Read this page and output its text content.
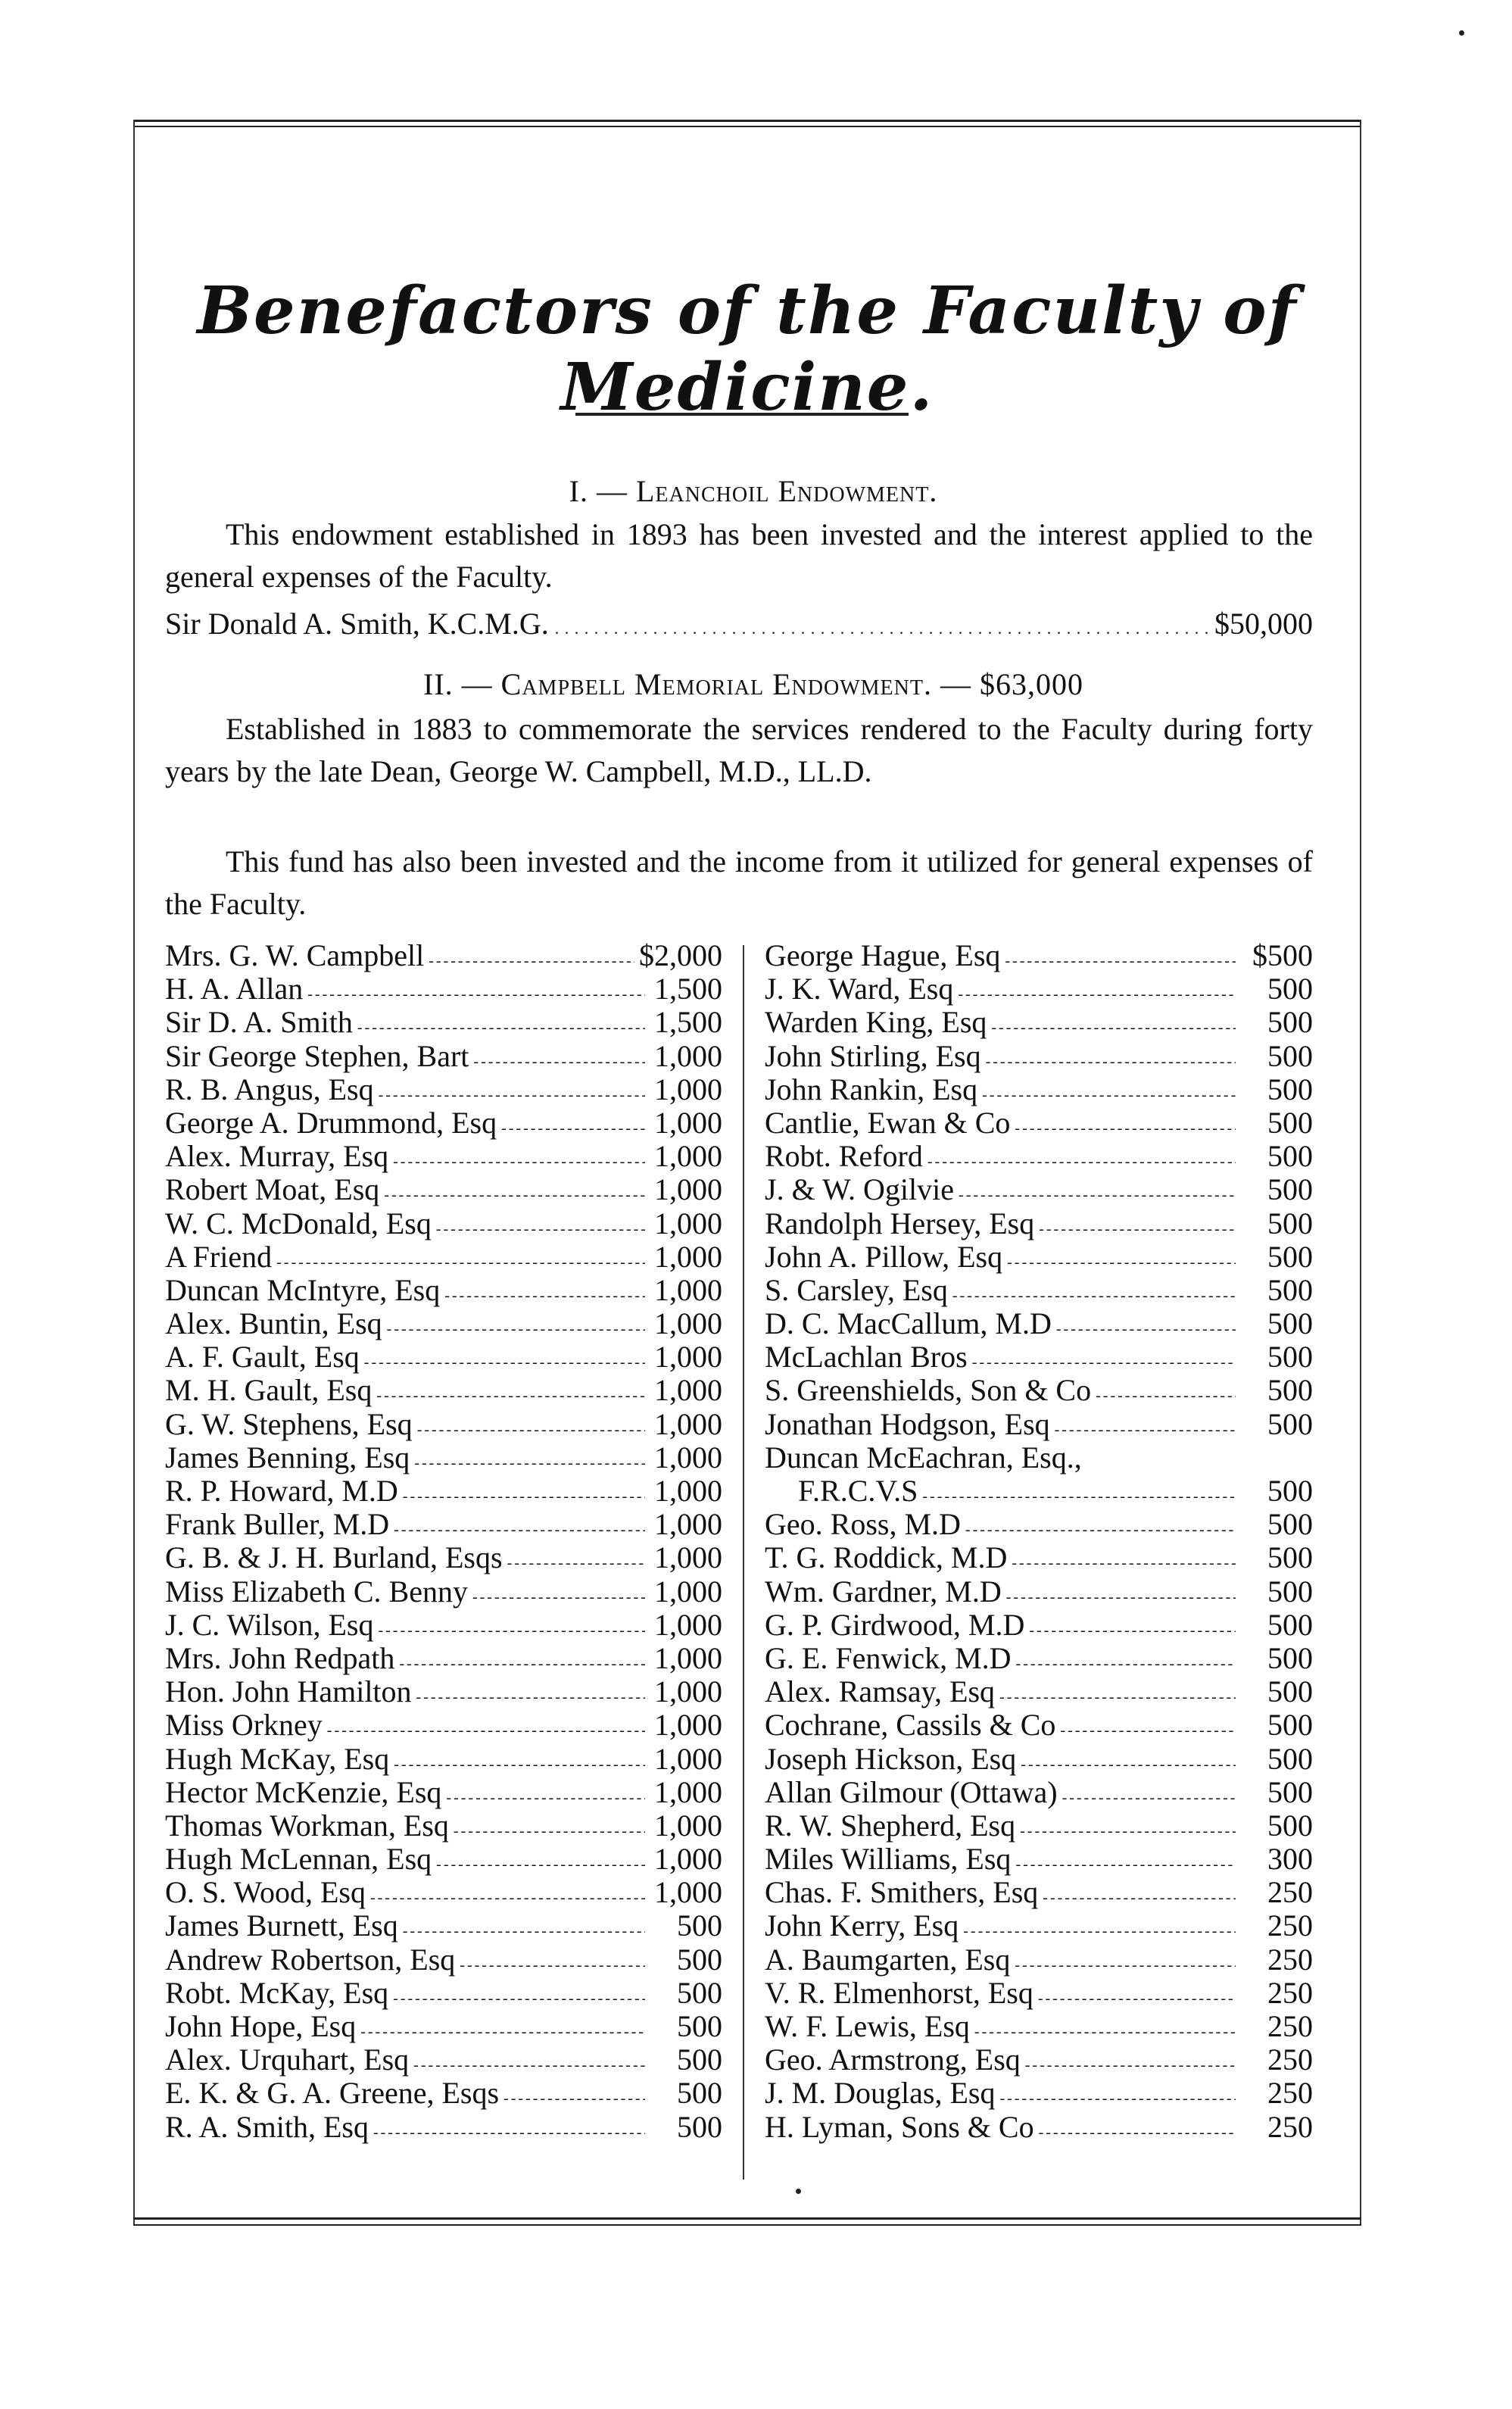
Benefactors of the Faculty of Medicine.
I. — Leanchoil Endowment.
This endowment established in 1893 has been invested and the interest applied to the general expenses of the Faculty.
Sir Donald A. Smith, K.C.M.G. . . .	$50,000
II. — Campbell Memorial Endowment. — $63,000
Established in 1883 to commemorate the services rendered to the Faculty during forty years by the late Dean, George W. Campbell, M.D., LL.D.
This fund has also been invested and the income from it utilized for general expenses of the Faculty.
Mrs. G. W. Campbell - - -	$2,000
H. A. Allan - - -	1,500
Sir D. A. Smith - - -	1,500
Sir George Stephen, Bart - - -	1,000
R. B. Angus, Esq - - -	1,000
George A. Drummond, Esq - - -	1,000
Alex. Murray, Esq - - -	1,000
Robert Moat, Esq - - -	1,000
W. C. McDonald, Esq - - -	1,000
A Friend - - -	1,000
Duncan McIntyre, Esq - - -	1,000
Alex. Buntin, Esq - - -	1,000
A. F. Gault, Esq - - -	1,000
M. H. Gault, Esq - - -	1,000
G. W. Stephens, Esq - - -	1,000
James Benning, Esq - - -	1,000
R. P. Howard, M.D - - -	1,000
Frank Buller, M.D - - -	1,000
G. B. & J. H. Burland, Esqs - - -	1,000
Miss Elizabeth C. Benny - - -	1,000
J. C. Wilson, Esq - - -	1,000
Mrs. John Redpath - - -	1,000
Hon. John Hamilton - - -	1,000
Miss Orkney - - -	1,000
Hugh McKay, Esq - - -	1,000
Hector McKenzie, Esq - - -	1,000
Thomas Workman, Esq - - -	1,000
Hugh McLennan, Esq - - -	1,000
O. S. Wood, Esq - - -	1,000
James Burnett, Esq - - -	500
Andrew Robertson, Esq - - -	500
Robt. McKay, Esq - - -	500
John Hope, Esq - - -	500
Alex. Urquhart, Esq - - -	500
E. K. & G. A. Greene, Esqs - - -	500
R. A. Smith, Esq - - -	500
George Hague, Esq - - -	$500
J. K. Ward, Esq - - -	500
Warden King, Esq - - -	500
John Stirling, Esq - - -	500
John Rankin, Esq - - -	500
Cantlie, Ewan & Co - - -	500
Robt. Reford - - -	500
J. & W. Ogilvie - - -	500
Randolph Hersey, Esq - - -	500
John A. Pillow, Esq - - -	500
S. Carsley, Esq - - -	500
D. C. MacCallum, M.D - - -	500
McLachlan Bros - - -	500
S. Greenshields, Son & Co - - -	500
Jonathan Hodgson, Esq - - -	500
Duncan McEachran, Esq.,
F.R.C.V.S - - -	500
Geo. Ross, M.D - - -	500
T. G. Roddick, M.D - - -	500
Wm. Gardner, M.D - - -	500
G. P. Girdwood, M.D - - -	500
G. E. Fenwick, M.D - - -	500
Alex. Ramsay, Esq - - -	500
Cochrane, Cassils & Co - - -	500
Joseph Hickson, Esq - - -	500
Allan Gilmour (Ottawa) - - -	500
R. W. Shepherd, Esq - - -	500
Miles Williams, Esq - - -	300
Chas. F. Smithers, Esq - - -	250
John Kerry, Esq - - -	250
A. Baumgarten, Esq - - -	250
V. R. Elmenhorst, Esq - - -	250
W. F. Lewis, Esq - - -	250
Geo. Armstrong, Esq - - -	250
J. M. Douglas, Esq - - -	250
H. Lyman, Sons & Co - - -	250
